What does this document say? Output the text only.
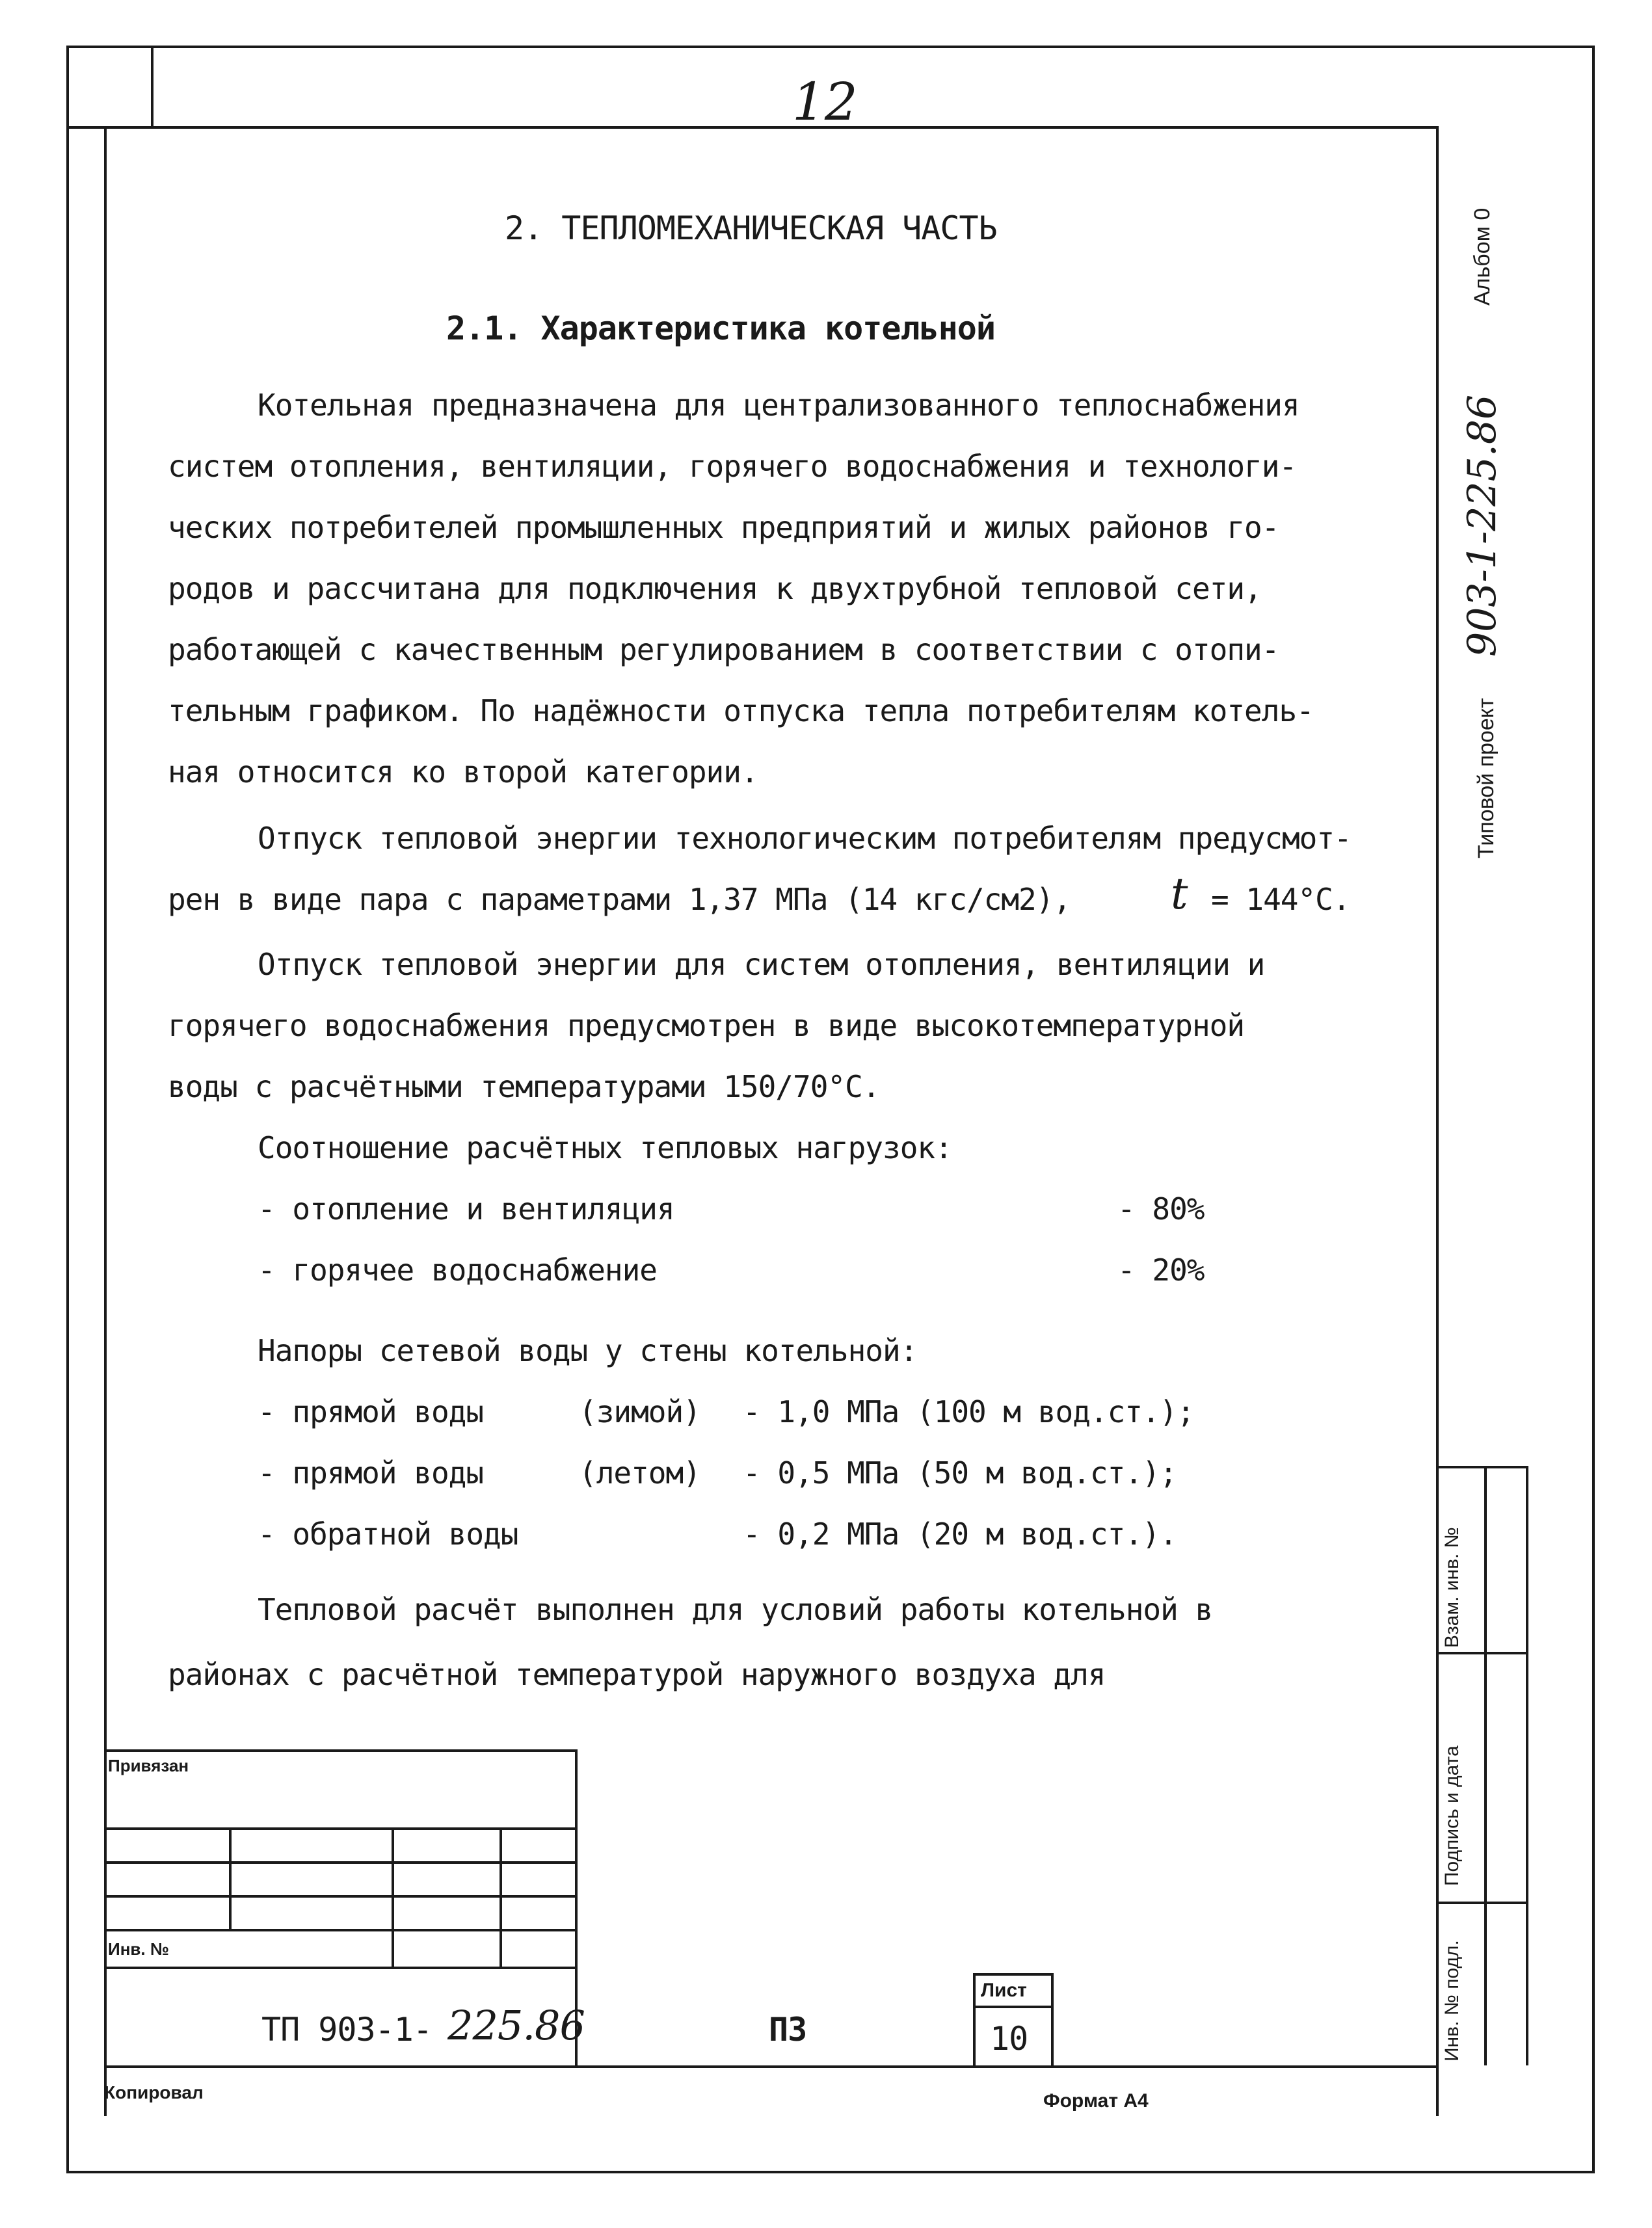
12
2. ТЕПЛОМЕХАНИЧЕСКАЯ ЧАСТЬ
2.1. Характеристика котельной
Котельная предназначена для централизованного теплоснабжения
систем отопления, вентиляции, горячего водоснабжения и технологи-
ческих потребителей промышленных предприятий и жилых районов го-
родов и рассчитана для подключения к двухтрубной тепловой сети,
работающей с качественным регулированием в соответствии с отопи-
тельным графиком. По надёжности отпуска тепла потребителям котель-
ная относится ко второй категории.
Отпуск тепловой энергии технологическим потребителям предусмот-
рен в виде пара с параметрами 1,37 МПа (14 кгс/см2), t = 144°C.
Отпуск тепловой энергии для систем отопления, вентиляции и
горячего водоснабжения предусмотрен в виде высокотемпературной
воды с расчётными температурами 150/70°С.
Соотношение расчётных тепловых нагрузок:
- отопление и вентиляция	- 80%
- горячее водоснабжение	- 20%
Напоры сетевой воды у стены котельной:
- прямой воды	(зимой) - 1,0 МПа (100 м вод.ст.);
- прямой воды	(летом) - 0,5 МПа (50 м вод.ст.);
- обратной воды	- 0,2 МПа (20 м вод.ст.).
Тепловой расчёт выполнен для условий работы котельной в
районах с расчётной температурой наружного воздуха для
Альбом 0
Типовой проект
903-1-225.86
Взам. инв. №
Подпись и дата
Инв. № подл.
Привязан
Инв. №
Лист
10
ТП 903-1- 225.86	ПЗ
Копировал	Формат А4
